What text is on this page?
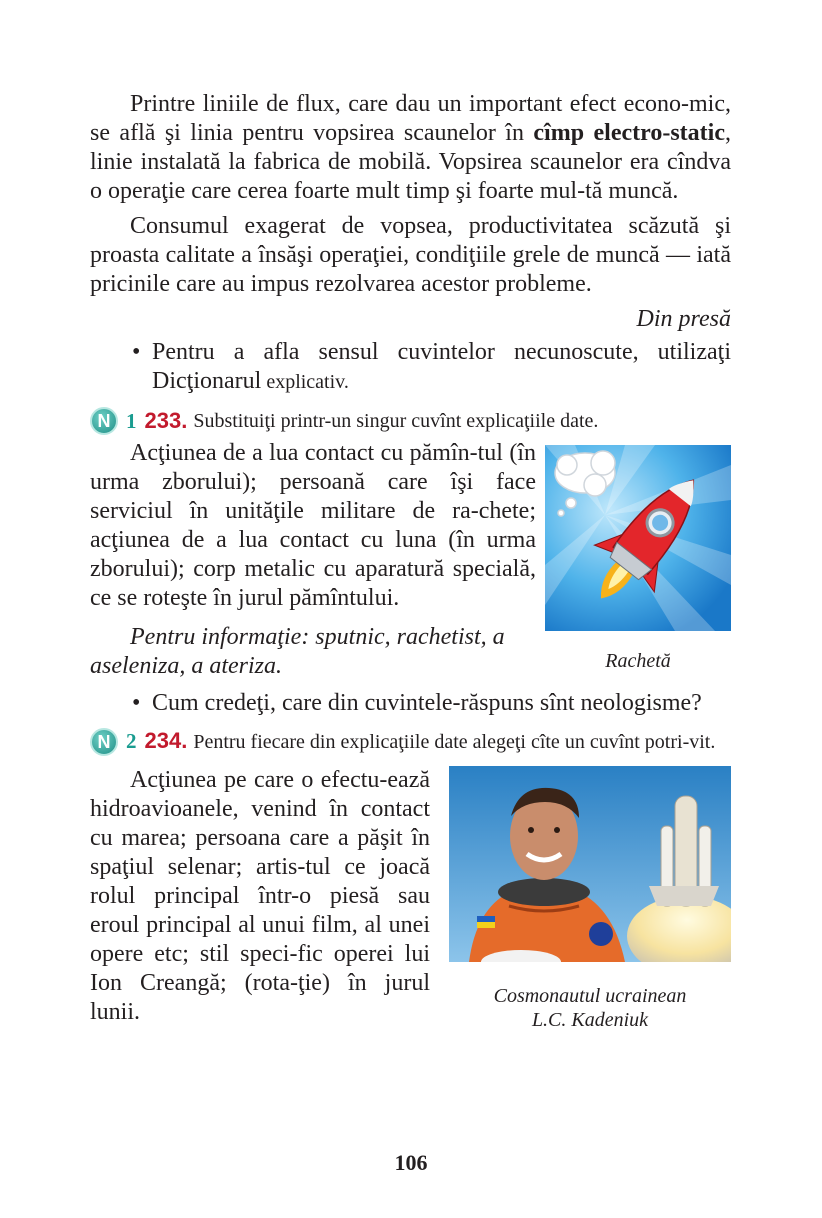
Printre liniile de flux, care dau un important efect econo-mic, se află şi linia pentru vopsirea scaunelor în cîmp electro-static, linie instalată la fabrica de mobilă. Vopsirea scaunelor era cîndva o operaţie care cerea foarte mult timp şi foarte mul-tă muncă.

Consumul exagerat de vopsea, productivitatea scăzută şi proasta calitate a însăşi operaţiei, condiţiile grele de muncă — iată pricinile care au impus rezolvarea acestor probleme.

Din presă
• Pentru a afla sensul cuvintelor necunoscute, utilizaţi Dicţionarul explicativ.
N 1 233. Substituiţi printr-un singur cuvînt explicaţiile date.

Acţiunea de a lua contact cu pămîn-tul (în urma zborului); persoană care îşi face serviciul în unităţile militare de ra-chete; acţiunea de a lua contact cu luna (în urma zborului); corp metalic cu aparatură specială, ce se roteşte în jurul pămîntului.

Pentru informaţie: sputnic, rachetist, a aseleniza, a ateriza.	Rachetă
• Cum credeţi, care din cuvintele-răspuns sînt neologisme?
N 2 234. Pentru fiecare din explicaţiile date alegeţi cîte un cuvînt potri-vit.

Acţiunea pe care o efectu-ează hidroavioanele, venind în contact cu marea; persoana care a păşit în spaţiul selenar; artis-tul ce joacă rolul principal într-o piesă sau eroul principal al unui film, al unei opere etc; stil speci-fic operei lui Ion Creangă; (rota-ţie) în jurul lunii.

Cosmonautul ucrainean
L.C. Kadeniuk
106
